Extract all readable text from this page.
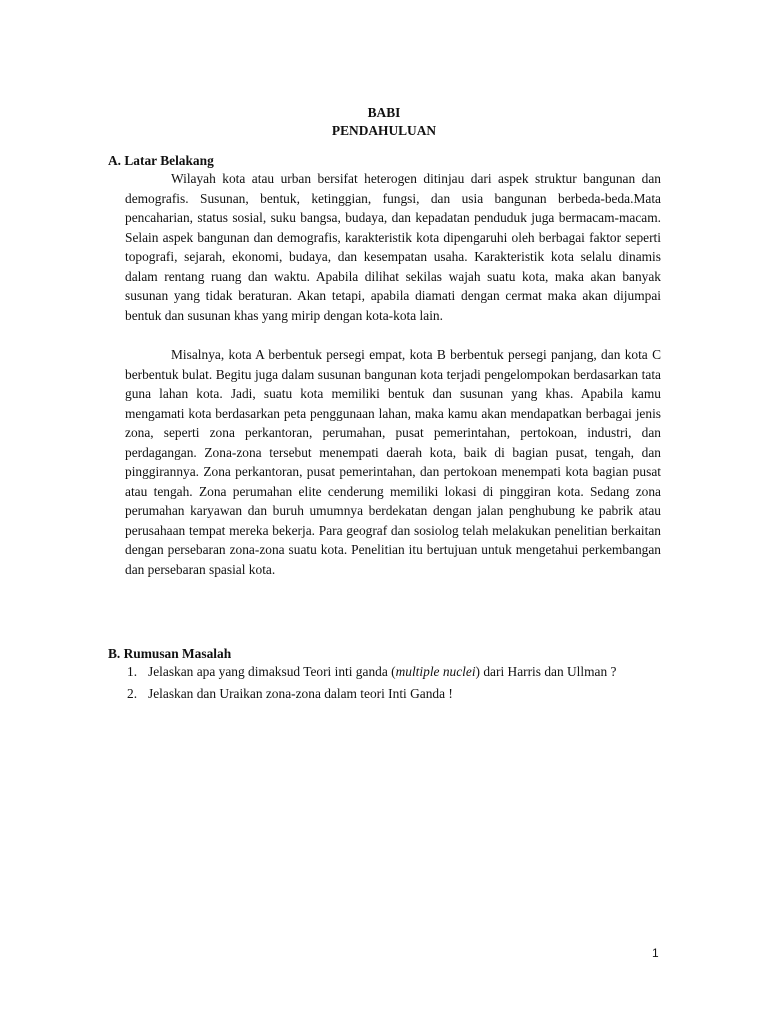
BABI
PENDAHULUAN
A. Latar Belakang

Wilayah kota atau urban bersifat heterogen ditinjau dari aspek struktur bangunan dan demografis. Susunan, bentuk, ketinggian, fungsi, dan usia bangunan berbeda-beda.Mata pencaharian, status sosial, suku bangsa, budaya, dan kepadatan penduduk juga bermacam-macam. Selain aspek bangunan dan demografis, karakteristik kota dipengaruhi oleh berbagai faktor seperti topografi, sejarah, ekonomi, budaya, dan kesempatan usaha. Karakteristik kota selalu dinamis dalam rentang ruang dan waktu. Apabila dilihat sekilas wajah suatu kota, maka akan banyak susunan yang tidak beraturan. Akan tetapi, apabila diamati dengan cermat maka akan dijumpai bentuk dan susunan khas yang mirip dengan kota-kota lain.

Misalnya, kota A berbentuk persegi empat, kota B berbentuk persegi panjang, dan kota C berbentuk bulat. Begitu juga dalam susunan bangunan kota terjadi pengelompokan berdasarkan tata guna lahan kota. Jadi, suatu kota memiliki bentuk dan susunan yang khas. Apabila kamu mengamati kota berdasarkan peta penggunaan lahan, maka kamu akan mendapatkan berbagai jenis zona, seperti zona perkantoran, perumahan, pusat pemerintahan, pertokoan, industri, dan perdagangan. Zona-zona tersebut menempati daerah kota, baik di bagian pusat, tengah, dan pinggirannya. Zona perkantoran, pusat pemerintahan, dan pertokoan menempati kota bagian pusat atau tengah. Zona perumahan elite cenderung memiliki lokasi di pinggiran kota. Sedang zona perumahan karyawan dan buruh umumnya berdekatan dengan jalan penghubung ke pabrik atau perusahaan tempat mereka bekerja. Para geograf dan sosiolog telah melakukan penelitian berkaitan dengan persebaran zona-zona suatu kota. Penelitian itu bertujuan untuk mengetahui perkembangan dan persebaran spasial kota.

B. Rumusan Masalah
1. Jelaskan apa yang dimaksud Teori inti ganda (multiple nuclei) dari Harris dan Ullman ?
2. Jelaskan dan Uraikan zona-zona dalam teori Inti Ganda !
1
